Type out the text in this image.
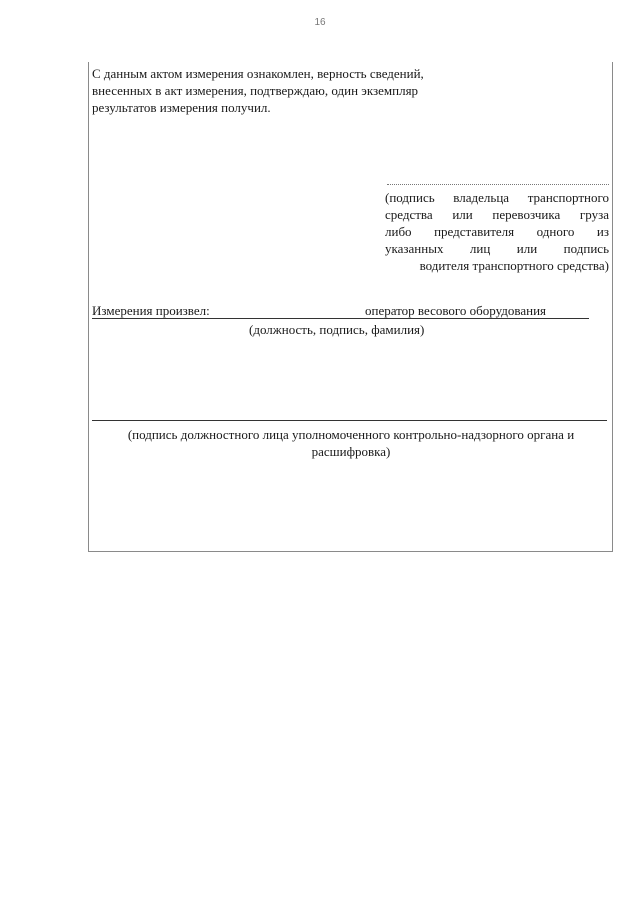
16
С данным актом измерения ознакомлен, верность сведений, внесенных в акт измерения, подтверждаю, один экземпляр результатов измерения получил.
(подпись владельца транспортного
средства или перевозчика груза
либо представителя одного из
указанных лиц или подпись
водителя транспортного средства)
Измерения произвел:	оператор весового оборудования
(должность, подпись, фамилия)
(подпись должностного лица уполномоченного контрольно-надзорного органа и расшифровка)
